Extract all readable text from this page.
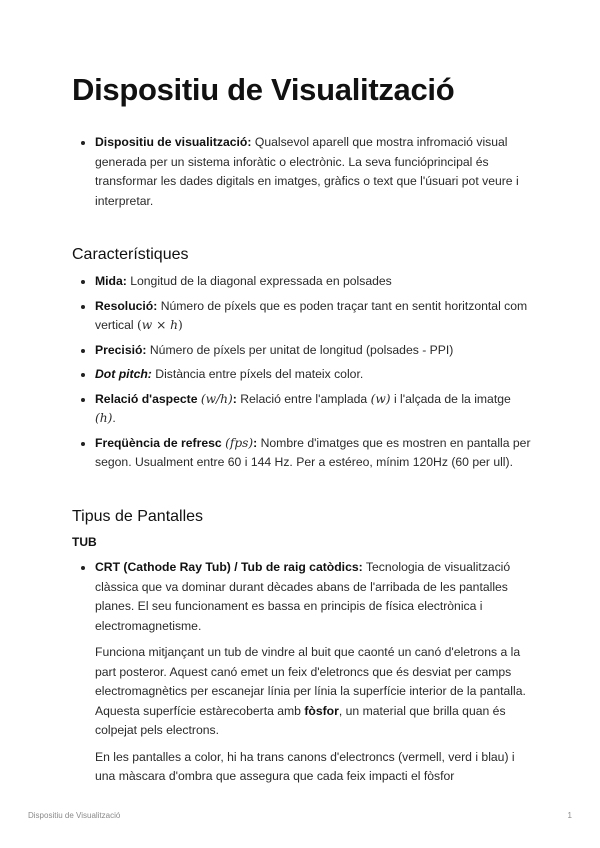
Dispositiu de Visualització
Dispositiu de visualització: Qualsevol aparell que mostra infromació visual generada per un sistema inforàtic o electrònic. La seva funcióprincipal és transformar les dades digitals en imatges, gràfics o text que l'úsuari pot veure i interpretar.
Característiques
Mida: Longitud de la diagonal expressada en polsades
Resolució: Número de píxels que es poden traçar tant en sentit horitzontal com vertical (w × h)
Precisió: Número de píxels per unitat de longitud (polsades - PPI)
Dot pitch: Distància entre píxels del mateix color.
Relació d'aspecte (w/h): Relació entre l'amplada (w) i l'alçada de la imatge (h).
Freqüència de refresc (fps): Nombre d'imatges que es mostren en pantalla per segon. Usualment entre 60 i 144 Hz. Per a estéreo, mínim 120Hz (60 per ull).
Tipus de Pantalles
TUB
CRT (Cathode Ray Tub) / Tub de raig catòdics: Tecnologia de visualització clàssica que va dominar durant dècades abans de l'arribada de les pantalles planes. El seu funcionament es bassa en principis de física electrònica i electromagnetisme.

Funciona mitjançant un tub de vindre al buit que caonté un canó d'eletrons a la part posteror. Aquest canó emet un feix d'eletroncs que és desviat per camps electromagnètics per escanejar línia per línia la superfície interior de la pantalla. Aquesta superfície estàrecoberta amb fòsfor, un material que brilla quan és colpejat pels electrons.

En les pantalles a color, hi ha trans canons d'electroncs (vermell, verd i blau) i una màscara d'ombra que assegura que cada feix impacti el fòsfor

Dispositiu de Visualització	1
